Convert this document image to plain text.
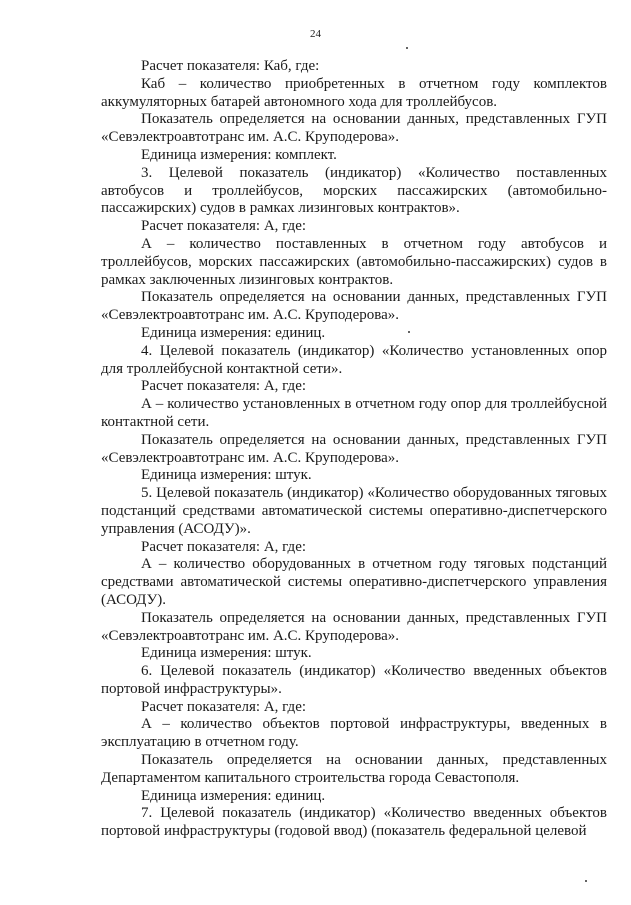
24

Расчет показателя: Каб, где:

Каб – количество приобретенных в отчетном году комплектов аккумуляторных батарей автономного хода для троллейбусов.

Показатель определяется на основании данных, представленных ГУП «Севэлектроавтотранс им. А.С. Круподерова».

Единица измерения: комплект.

3. Целевой показатель (индикатор) «Количество поставленных автобусов и троллейбусов, морских пассажирских (автомобильно-пассажирских) судов в рамках лизинговых контрактов».

Расчет показателя: А, где:

А – количество поставленных в отчетном году автобусов и троллейбусов, морских пассажирских (автомобильно-пассажирских) судов в рамках заключенных лизинговых контрактов.

Показатель определяется на основании данных, представленных ГУП «Севэлектроавтотранс им. А.С. Круподерова».

Единица измерения: единиц.

4. Целевой показатель (индикатор) «Количество установленных опор для троллейбусной контактной сети».

Расчет показателя: А, где:

А – количество установленных в отчетном году опор для троллейбусной контактной сети.

Показатель определяется на основании данных, представленных ГУП «Севэлектроавтотранс им. А.С. Круподерова».

Единица измерения: штук.

5. Целевой показатель (индикатор) «Количество оборудованных тяговых подстанций средствами автоматической системы оперативно-диспетчерского управления (АСОДУ)».

Расчет показателя: А, где:

А – количество оборудованных в отчетном году тяговых подстанций средствами автоматической системы оперативно-диспетчерского управления (АСОДУ).

Показатель определяется на основании данных, представленных ГУП «Севэлектроавтотранс им. А.С. Круподерова».

Единица измерения: штук.

6. Целевой показатель (индикатор) «Количество введенных объектов портовой инфраструктуры».

Расчет показателя: А, где:

А – количество объектов портовой инфраструктуры, введенных в эксплуатацию в отчетном году.

Показатель определяется на основании данных, представленных Департаментом капитального строительства города Севастополя.

Единица измерения: единиц.

7. Целевой показатель (индикатор) «Количество введенных объектов портовой инфраструктуры (годовой ввод) (показатель федеральной целевой
